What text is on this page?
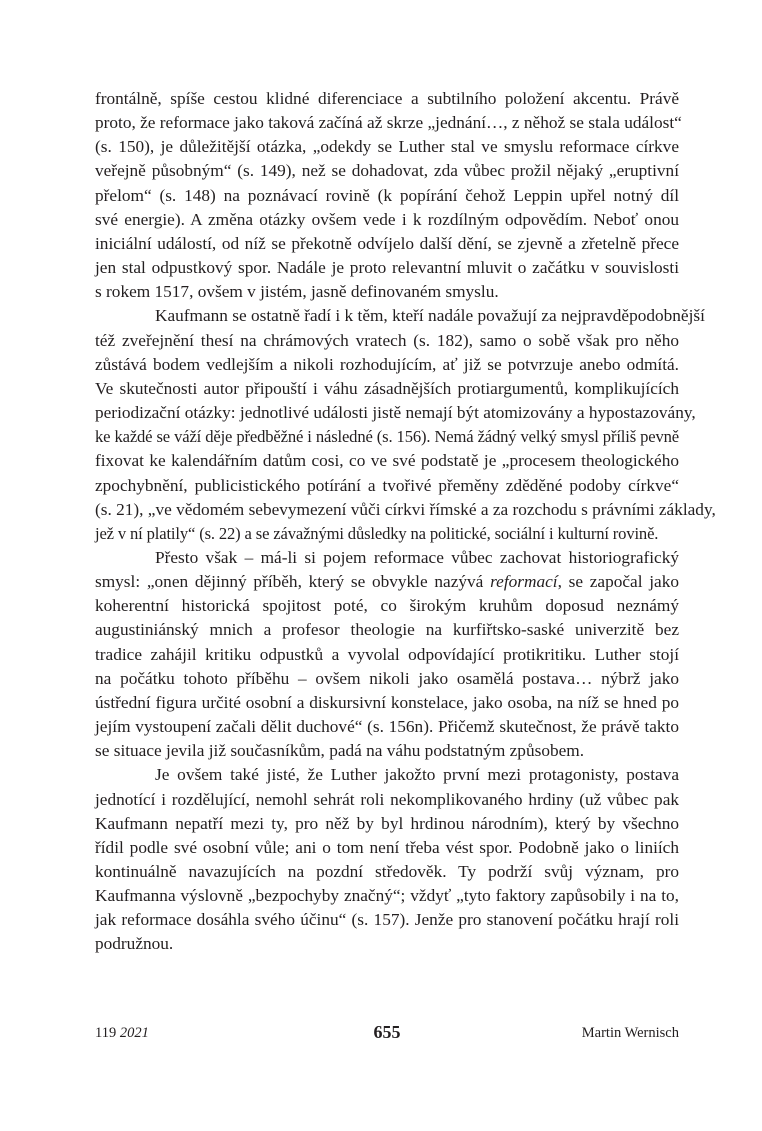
frontálně, spíše cestou klidné diferenciace a subtilního položení akcentu. Právě
proto, že reformace jako taková začíná až skrze „jednání…, z něhož se stala událost“
(s. 150), je důležitější otázka, „odekdy se Luther stal ve smyslu reformace církve
veřejně působným“ (s. 149), než se dohadovat, zda vůbec prožil nějaký „eruptivní
přelom“ (s. 148) na poznávací rovině (k popírání čehož Leppin upřel notný díl
své energie). A změna otázky ovšem vede i k rozdílným odpovědím. Neboť onou
iniciální událostí, od níž se překotně odvíjelo další dění, se zjevně a zřetelně přece
jen stal odpustkový spor. Nadále je proto relevantní mluvit o začátku v souvislosti
s rokem 1517, ovšem v jistém, jasně definovaném smyslu.
Kaufmann se ostatně řadí i k těm, kteří nadále považují za nejpravděpodobnější
též zveřejnění thesí na chrámových vratech (s. 182), samo o sobě však pro něho
zůstává bodem vedlejším a nikoli rozhodujícím, ať již se potvrzuje anebo odmítá.
Ve skutečnosti autor připouští i váhu zásadnějších protiargumentů, komplikujících
periodizační otázky: jednotlivé události jistě nemají být atomizovány a hypostazovány,
ke každé se váží děje předběžné i následné (s. 156). Nemá žádný velký smysl příliš pevně
fixovat ke kalendářním datům cosi, co ve své podstatě je „procesem theologického
zpochybnění, publicistického potírání a tvořivé přeměny zděděné podoby církve“
(s. 21), „ve vědomém sebevymezení vůči církvi římské a za rozchodu s právními základy,
jež v ní platily“ (s. 22) a se závažnými důsledky na politické, sociální i kulturní rovině.
Přesto však – má-li si pojem reformace vůbec zachovat historiografický
smysl: „onen dějinný příběh, který se obvykle nazývá reformací, se započal jako
koherentní historická spojitost poté, co širokým kruhům doposud neznámý
augustiniánský mnich a profesor theologie na kurfiřtsko-saské univerzitě bez
tradice zahájil kritiku odpustků a vyvolal odpovídající protikritiku. Luther stojí
na počátku tohoto příběhu – ovšem nikoli jako osamělá postava… nýbrž jako
ústřední figura určité osobní a diskursivní konstelace, jako osoba, na níž se hned po
jejím vystoupení začali dělit duchové“ (s. 156n). Přičemž skutečnost, že právě takto
se situace jevila již současníkům, padá na váhu podstatným způsobem.
Je ovšem také jisté, že Luther jakožto první mezi protagonisty, postava
jednotící i rozdělující, nemohl sehrát roli nekomplikovaného hrdiny (už vůbec pak
Kaufmann nepatří mezi ty, pro něž by byl hrdinou národním), který by všechno
řídil podle své osobní vůle; ani o tom není třeba vést spor. Podobně jako o liniích
kontinuálně navazujících na pozdní středověk. Ty podrží svůj význam, pro
Kaufmanna výslovně „bezpochyby značný“; vždyť „tyto faktory zapůsobily i na to,
jak reformace dosáhla svého účinu“ (s. 157). Jenže pro stanovení počátku hrají roli
podružnou.
119 2021	655	Martin Wernisch
